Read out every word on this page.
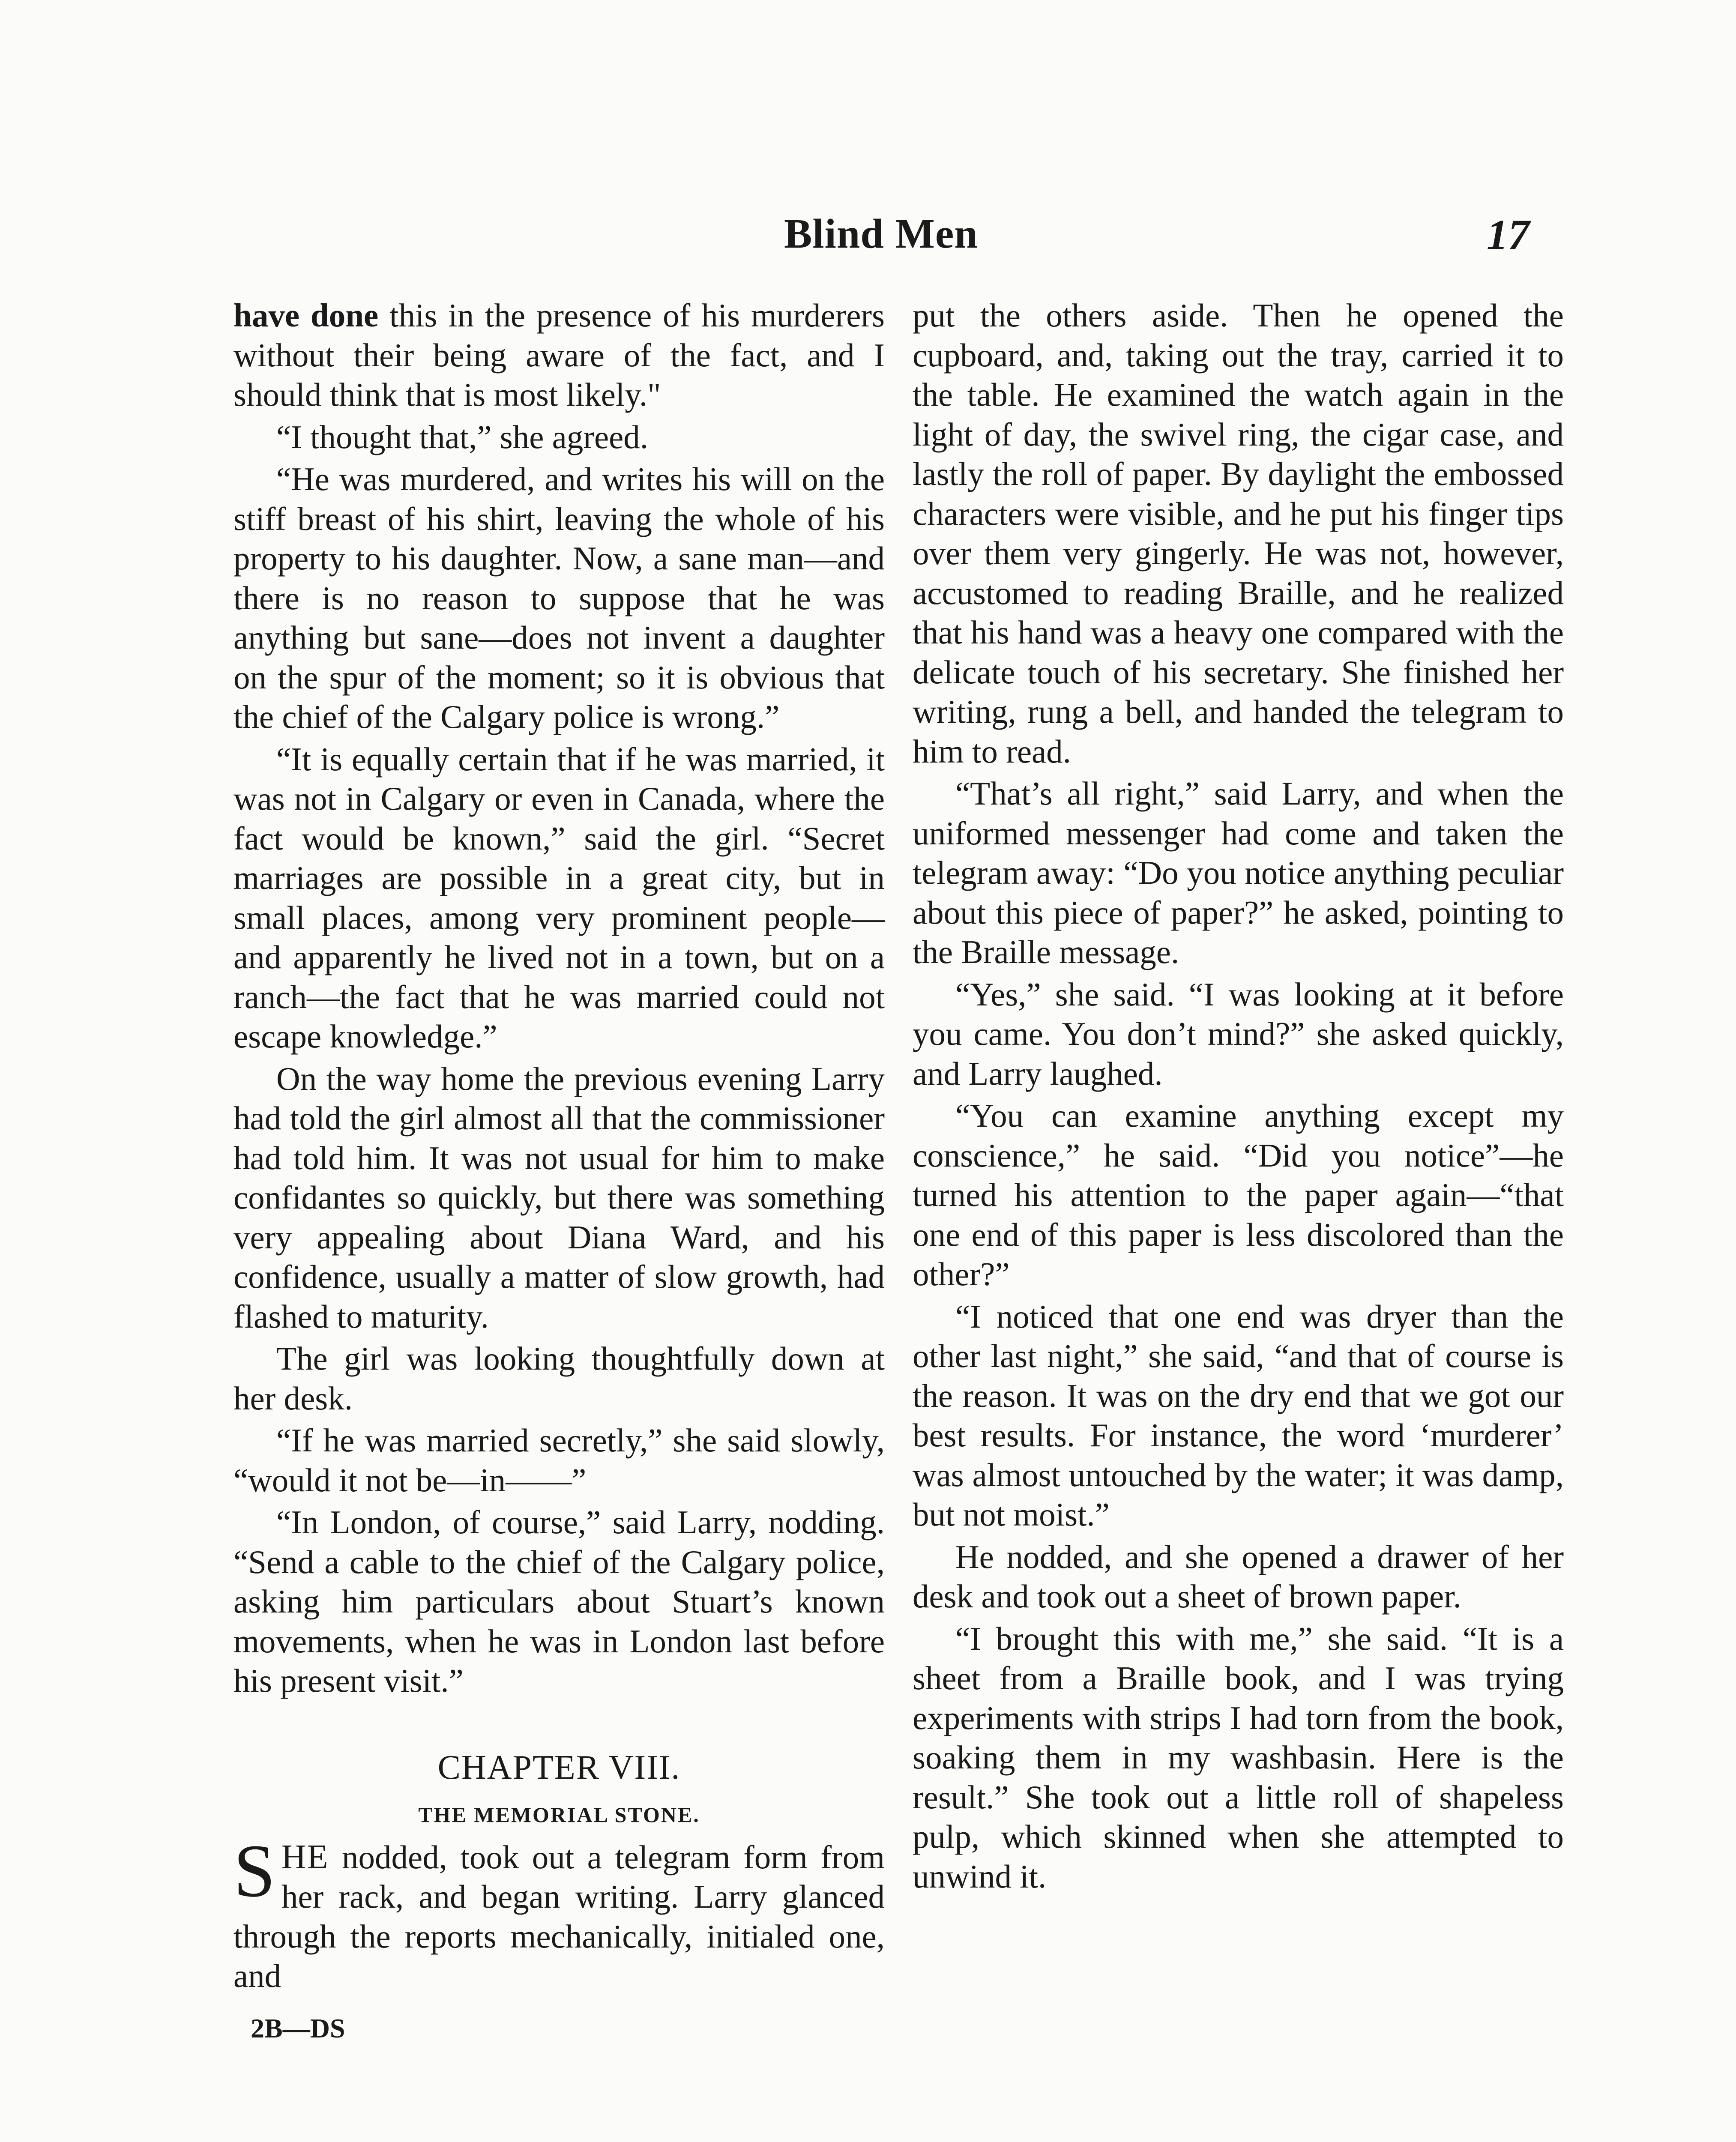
Blind Men	17

have done this in the presence of his murderers without their being aware of the fact, and I should think that is most likely."

“I thought that,” she agreed.

“He was murdered, and writes his will on the stiff breast of his shirt, leaving the whole of his property to his daughter. Now, a sane man—and there is no reason to suppose that he was anything but sane—does not invent a daughter on the spur of the moment; so it is obvious that the chief of the Calgary police is wrong.”

“It is equally certain that if he was married, it was not in Calgary or even in Canada, where the fact would be known,” said the girl. “Secret marriages are possible in a great city, but in small places, among very prominent people—and apparently he lived not in a town, but on a ranch—the fact that he was married could not escape knowledge.”

On the way home the previous evening Larry had told the girl almost all that the commissioner had told him. It was not usual for him to make confidantes so quickly, but there was something very appealing about Diana Ward, and his confidence, usually a matter of slow growth, had flashed to maturity.

The girl was looking thoughtfully down at her desk.

“If he was married secretly,” she said slowly, “would it not be—in——”

“In London, of course,” said Larry, nodding. “Send a cable to the chief of the Calgary police, asking him particulars about Stuart’s known movements, when he was in London last before his present visit.”

CHAPTER VIII.

THE MEMORIAL STONE.

SHE nodded, took out a telegram form from her rack, and began writing. Larry glanced through the reports mechanically, initialed one, and

2B—DS

put the others aside. Then he opened the cupboard, and, taking out the tray, carried it to the table. He examined the watch again in the light of day, the swivel ring, the cigar case, and lastly the roll of paper. By daylight the embossed characters were visible, and he put his finger tips over them very gingerly. He was not, however, accustomed to reading Braille, and he realized that his hand was a heavy one compared with the delicate touch of his secretary. She finished her writing, rung a bell, and handed the telegram to him to read.

“That’s all right,” said Larry, and when the uniformed messenger had come and taken the telegram away: “Do you notice anything peculiar about this piece of paper?” he asked, pointing to the Braille message.

“Yes,” she said. “I was looking at it before you came. You don’t mind?” she asked quickly, and Larry laughed.

“You can examine anything except my conscience,” he said. “Did you notice”—he turned his attention to the paper again—“that one end of this paper is less discolored than the other?”

“I noticed that one end was dryer than the other last night,” she said, “and that of course is the reason. It was on the dry end that we got our best results. For instance, the word ‘murderer’ was almost untouched by the water; it was damp, but not moist.”

He nodded, and she opened a drawer of her desk and took out a sheet of brown paper.

“I brought this with me,” she said. “It is a sheet from a Braille book, and I was trying experiments with strips I had torn from the book, soaking them in my washbasin. Here is the result.” She took out a little roll of shapeless pulp, which skinned when she attempted to unwind it.
